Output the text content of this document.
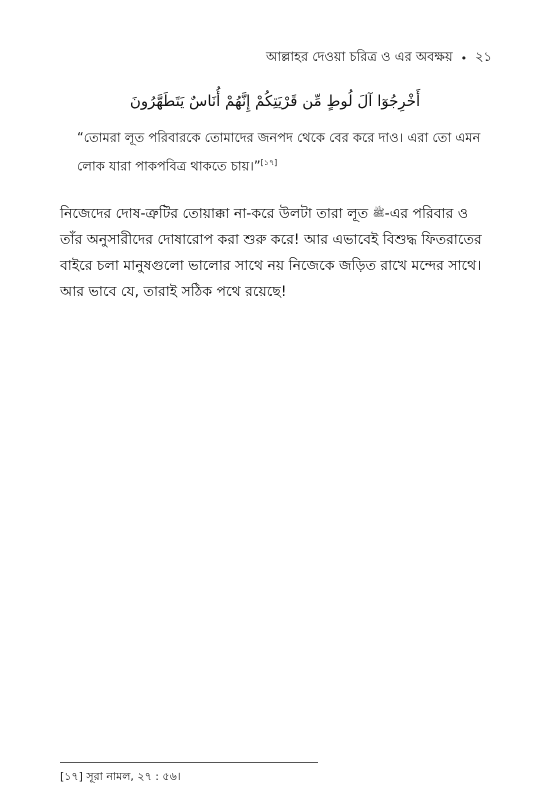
আল্লাহর দেওয়া চরিত্র ও এর অবক্ষয় • ২১
أَخْرِجُوٓا آلَ لُوطٍ مِّن قَرْيَتِكُمْ إِنَّهُمْ أُنَاسٌ يَتَطَهَّرُونَ
“তোমরা লূত পরিবারকে তোমাদের জনপদ থেকে বের করে দাও। এরা তো এমন লোক যারা পাকপবিত্র থাকতে চায়।”[১৭]
নিজেদের দোষ-ত্রুটির তোয়াক্কা না-করে উলটা তারা লূত ﷺ-এর পরিবার ও তাঁর অনুসারীদের দোষারোপ করা শুরু করে! আর এভাবেই বিশুদ্ধ ফিতরাতের বাইরে চলা মানুষগুলো ভালোর সাথে নয় নিজেকে জড়িত রাখে মন্দের সাথে। আর ভাবে যে, তারাই সঠিক পথে রয়েছে!
[১৭] সূরা নামল, ২৭ : ৫৬।
